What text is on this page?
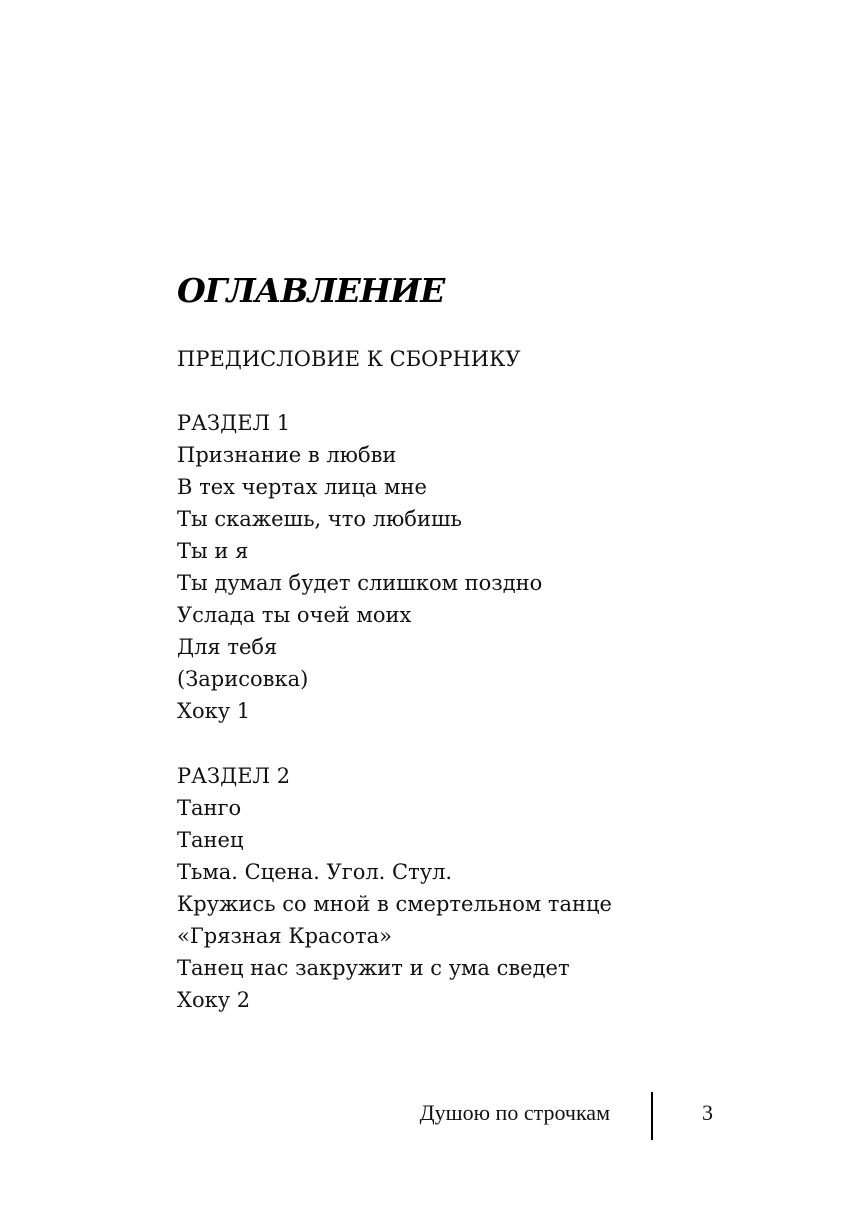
ОГЛАВЛЕНИЕ

ПРЕДИСЛОВИЕ К СБОРНИКУ

РАЗДЕЛ 1
Признание в любви
В тех чертах лица мне
Ты скажешь, что любишь
Ты и я
Ты думал будет слишком поздно
Услада ты очей моих
Для тебя
(Зарисовка)
Хоку 1
РАЗДЕЛ 2
Танго
Танец
Тьма. Сцена. Угол. Стул.
Кружись со мной в смертельном танце
«Грязная Красота»
Танец нас закружит и с ума сведет
Хоку 2

Душою по строчкам	3
